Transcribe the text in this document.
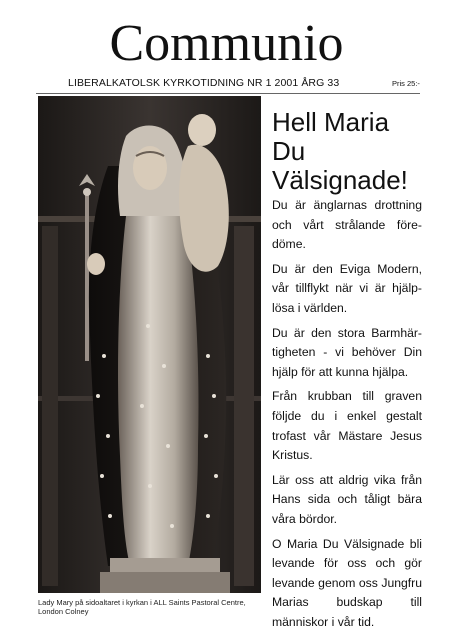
Communio
LIBERALKATOLSK KYRKOTIDNING NR 1 2001 ÅRG 33	Pris 25:-
Lady Mary på sidoaltaret i kyrkan i ALL Saints Pastoral Centre, London Colney
Hell Maria
Du
Välsignade!

Du är änglarnas drottning och vårt strålande före-döme.

Du är den Eviga Modern, vår tillflykt när vi är hjälp-lösa i världen.

Du är den stora Barmhär-tigheten - vi behöver Din hjälp för att kunna hjälpa.

Från krubban till graven följde du i enkel gestalt trofast vår Mästare Jesus Kristus.

Lär oss att aldrig vika från Hans sida och tåligt bära våra bördor.

O Maria Du Välsignade bli levande för oss och gör levande genom oss Jungfru Marias budskap till människor i vår tid.
